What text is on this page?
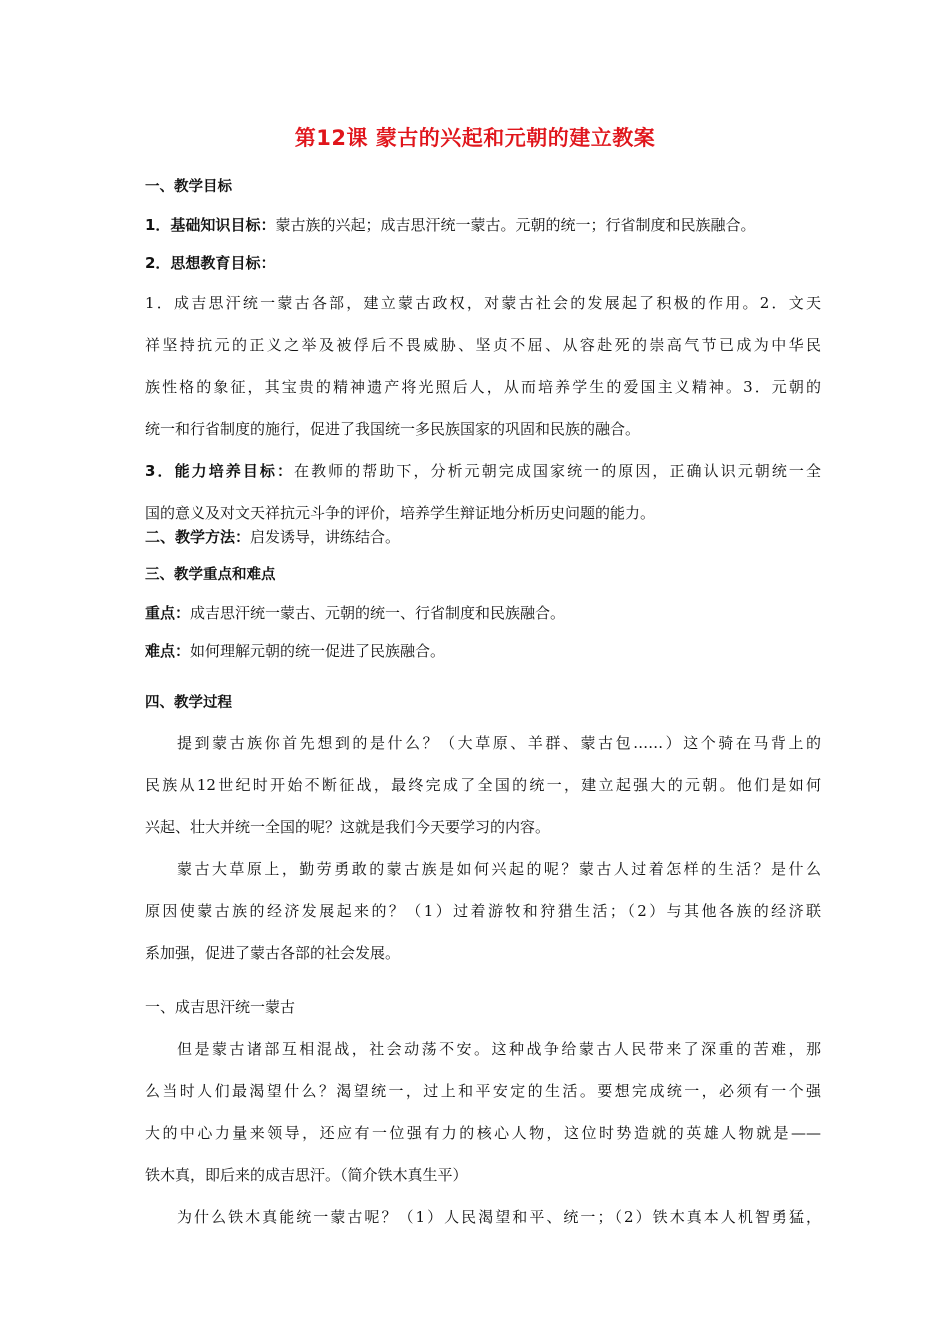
第12课 蒙古的兴起和元朝的建立教案
一、教学目标
1．基础知识目标：蒙古族的兴起；成吉思汗统一蒙古。元朝的统一；行省制度和民族融合。
2．思想教育目标：
1．成吉思汗统一蒙古各部，建立蒙古政权，对蒙古社会的发展起了积极的作用。2．文天
祥坚持抗元的正义之举及被俘后不畏威胁、坚贞不屈、从容赴死的崇高气节已成为中华民
族性格的象征，其宝贵的精神遗产将光照后人，从而培养学生的爱国主义精神。3．元朝的
统一和行省制度的施行，促进了我国统一多民族国家的巩固和民族的融合。
3．能力培养目标：在教师的帮助下，分析元朝完成国家统一的原因，正确认识元朝统一全
国的意义及对文天祥抗元斗争的评价，培养学生辩证地分析历史问题的能力。
二、教学方法：启发诱导，讲练结合。
三、教学重点和难点
重点：成吉思汗统一蒙古、元朝的统一、行省制度和民族融合。
难点：如何理解元朝的统一促进了民族融合。
四、教学过程
提到蒙古族你首先想到的是什么？（大草原、羊群、蒙古包……）这个骑在马背上的
民族从12世纪时开始不断征战，最终完成了全国的统一，建立起强大的元朝。他们是如何
兴起、壮大并统一全国的呢？这就是我们今天要学习的内容。
蒙古大草原上，勤劳勇敢的蒙古族是如何兴起的呢？蒙古人过着怎样的生活？是什么
原因使蒙古族的经济发展起来的？（1）过着游牧和狩猎生活；（2）与其他各族的经济联
系加强，促进了蒙古各部的社会发展。
一、成吉思汗统一蒙古
但是蒙古诸部互相混战，社会动荡不安。这种战争给蒙古人民带来了深重的苦难，那
么当时人们最渴望什么？渴望统一，过上和平安定的生活。要想完成统一，必须有一个强
大的中心力量来领导，还应有一位强有力的核心人物，这位时势造就的英雄人物就是——
铁木真，即后来的成吉思汗。（简介铁木真生平）
为什么铁木真能统一蒙古呢？（1）人民渴望和平、统一；（2）铁木真本人机智勇猛，
